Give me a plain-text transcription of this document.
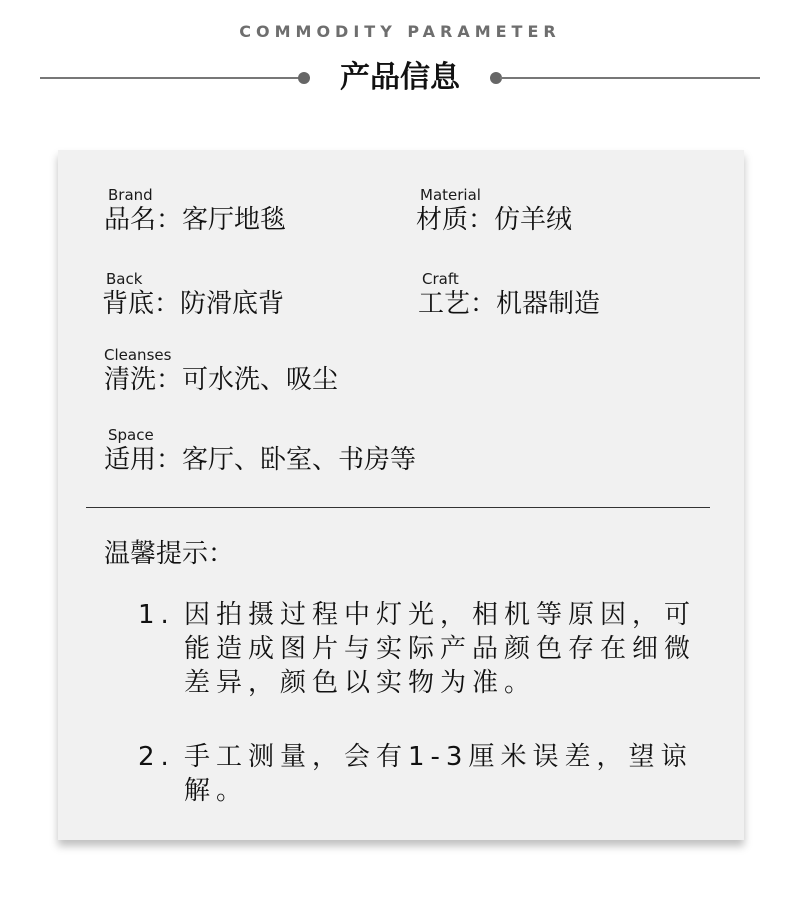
COMMODITY PARAMETER
产品信息
Brand
品名：客厅地毯
Material
材质：仿羊绒
Back
背底：防滑底背
Craft
工艺：机器制造
Cleanses
清洗：可水洗、吸尘
Space
适用：客厅、卧室、书房等
温馨提示：
1. 因拍摄过程中灯光，相机等原因，可能造成图片与实际产品颜色存在细微差异，颜色以实物为准。
2. 手工测量，会有1-3厘米误差，望谅解。
